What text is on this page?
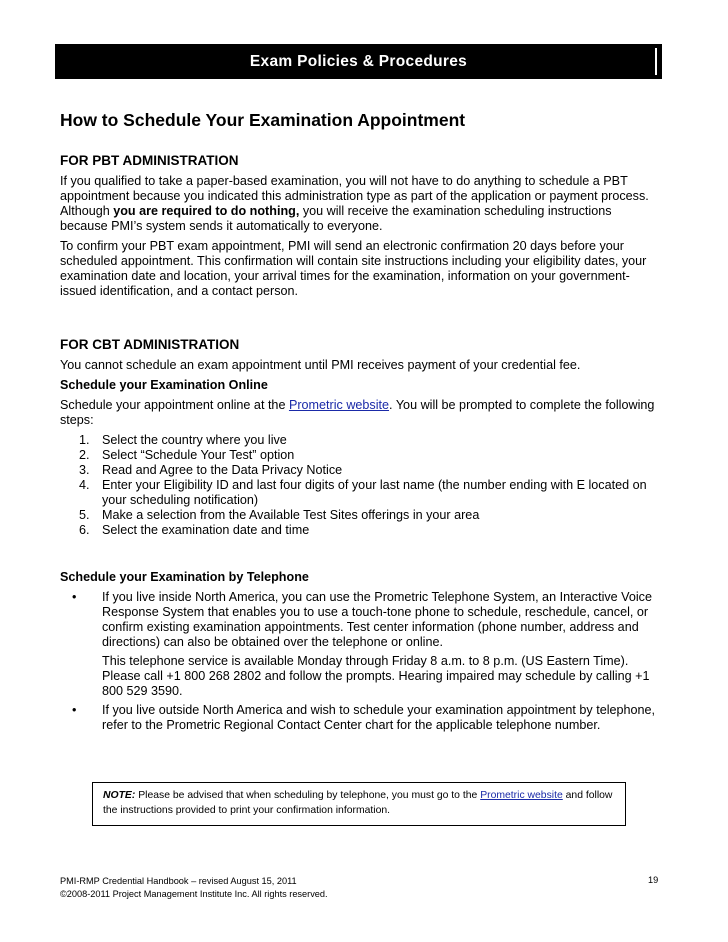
Exam Policies & Procedures
How to Schedule Your Examination Appointment
FOR PBT ADMINISTRATION

If you qualified to take a paper-based examination, you will not have to do anything to schedule a PBT appointment because you indicated this administration type as part of the application or payment process. Although you are required to do nothing, you will receive the examination scheduling instructions because PMI’s system sends it automatically to everyone.

To confirm your PBT exam appointment, PMI will send an electronic confirmation 20 days before your scheduled appointment. This confirmation will contain site instructions including your eligibility dates, your examination date and location, your arrival times for the examination, information on your government-issued identification, and a contact person.

FOR CBT ADMINISTRATION

You cannot schedule an exam appointment until PMI receives payment of your credential fee.

Schedule your Examination Online

Schedule your appointment online at the Prometric website. You will be prompted to complete the following steps:

1. Select the country where you live
2. Select “Schedule Your Test” option
3. Read and Agree to the Data Privacy Notice
4. Enter your Eligibility ID and last four digits of your last name (the number ending with E located on your scheduling notification)
5. Make a selection from the Available Test Sites offerings in your area
6. Select the examination date and time
Schedule your Examination by Telephone
• If you live inside North America, you can use the Prometric Telephone System, an Interactive Voice Response System that enables you to use a touch-tone phone to schedule, reschedule, cancel, or confirm existing examination appointments. Test center information (phone number, address and directions) can also be obtained over the telephone or online.

This telephone service is available Monday through Friday 8 a.m. to 8 p.m. (US Eastern Time). Please call +1 800 268 2802 and follow the prompts. Hearing impaired may schedule by calling +1 800 529 3590.

• If you live outside North America and wish to schedule your examination appointment by telephone, refer to the Prometric Regional Contact Center chart for the applicable telephone number.

NOTE: Please be advised that when scheduling by telephone, you must go to the Prometric website and follow the instructions provided to print your confirmation information.
PMI-RMP Credential Handbook – revised August 15, 2011
©2008-2011 Project Management Institute Inc. All rights reserved.
19
